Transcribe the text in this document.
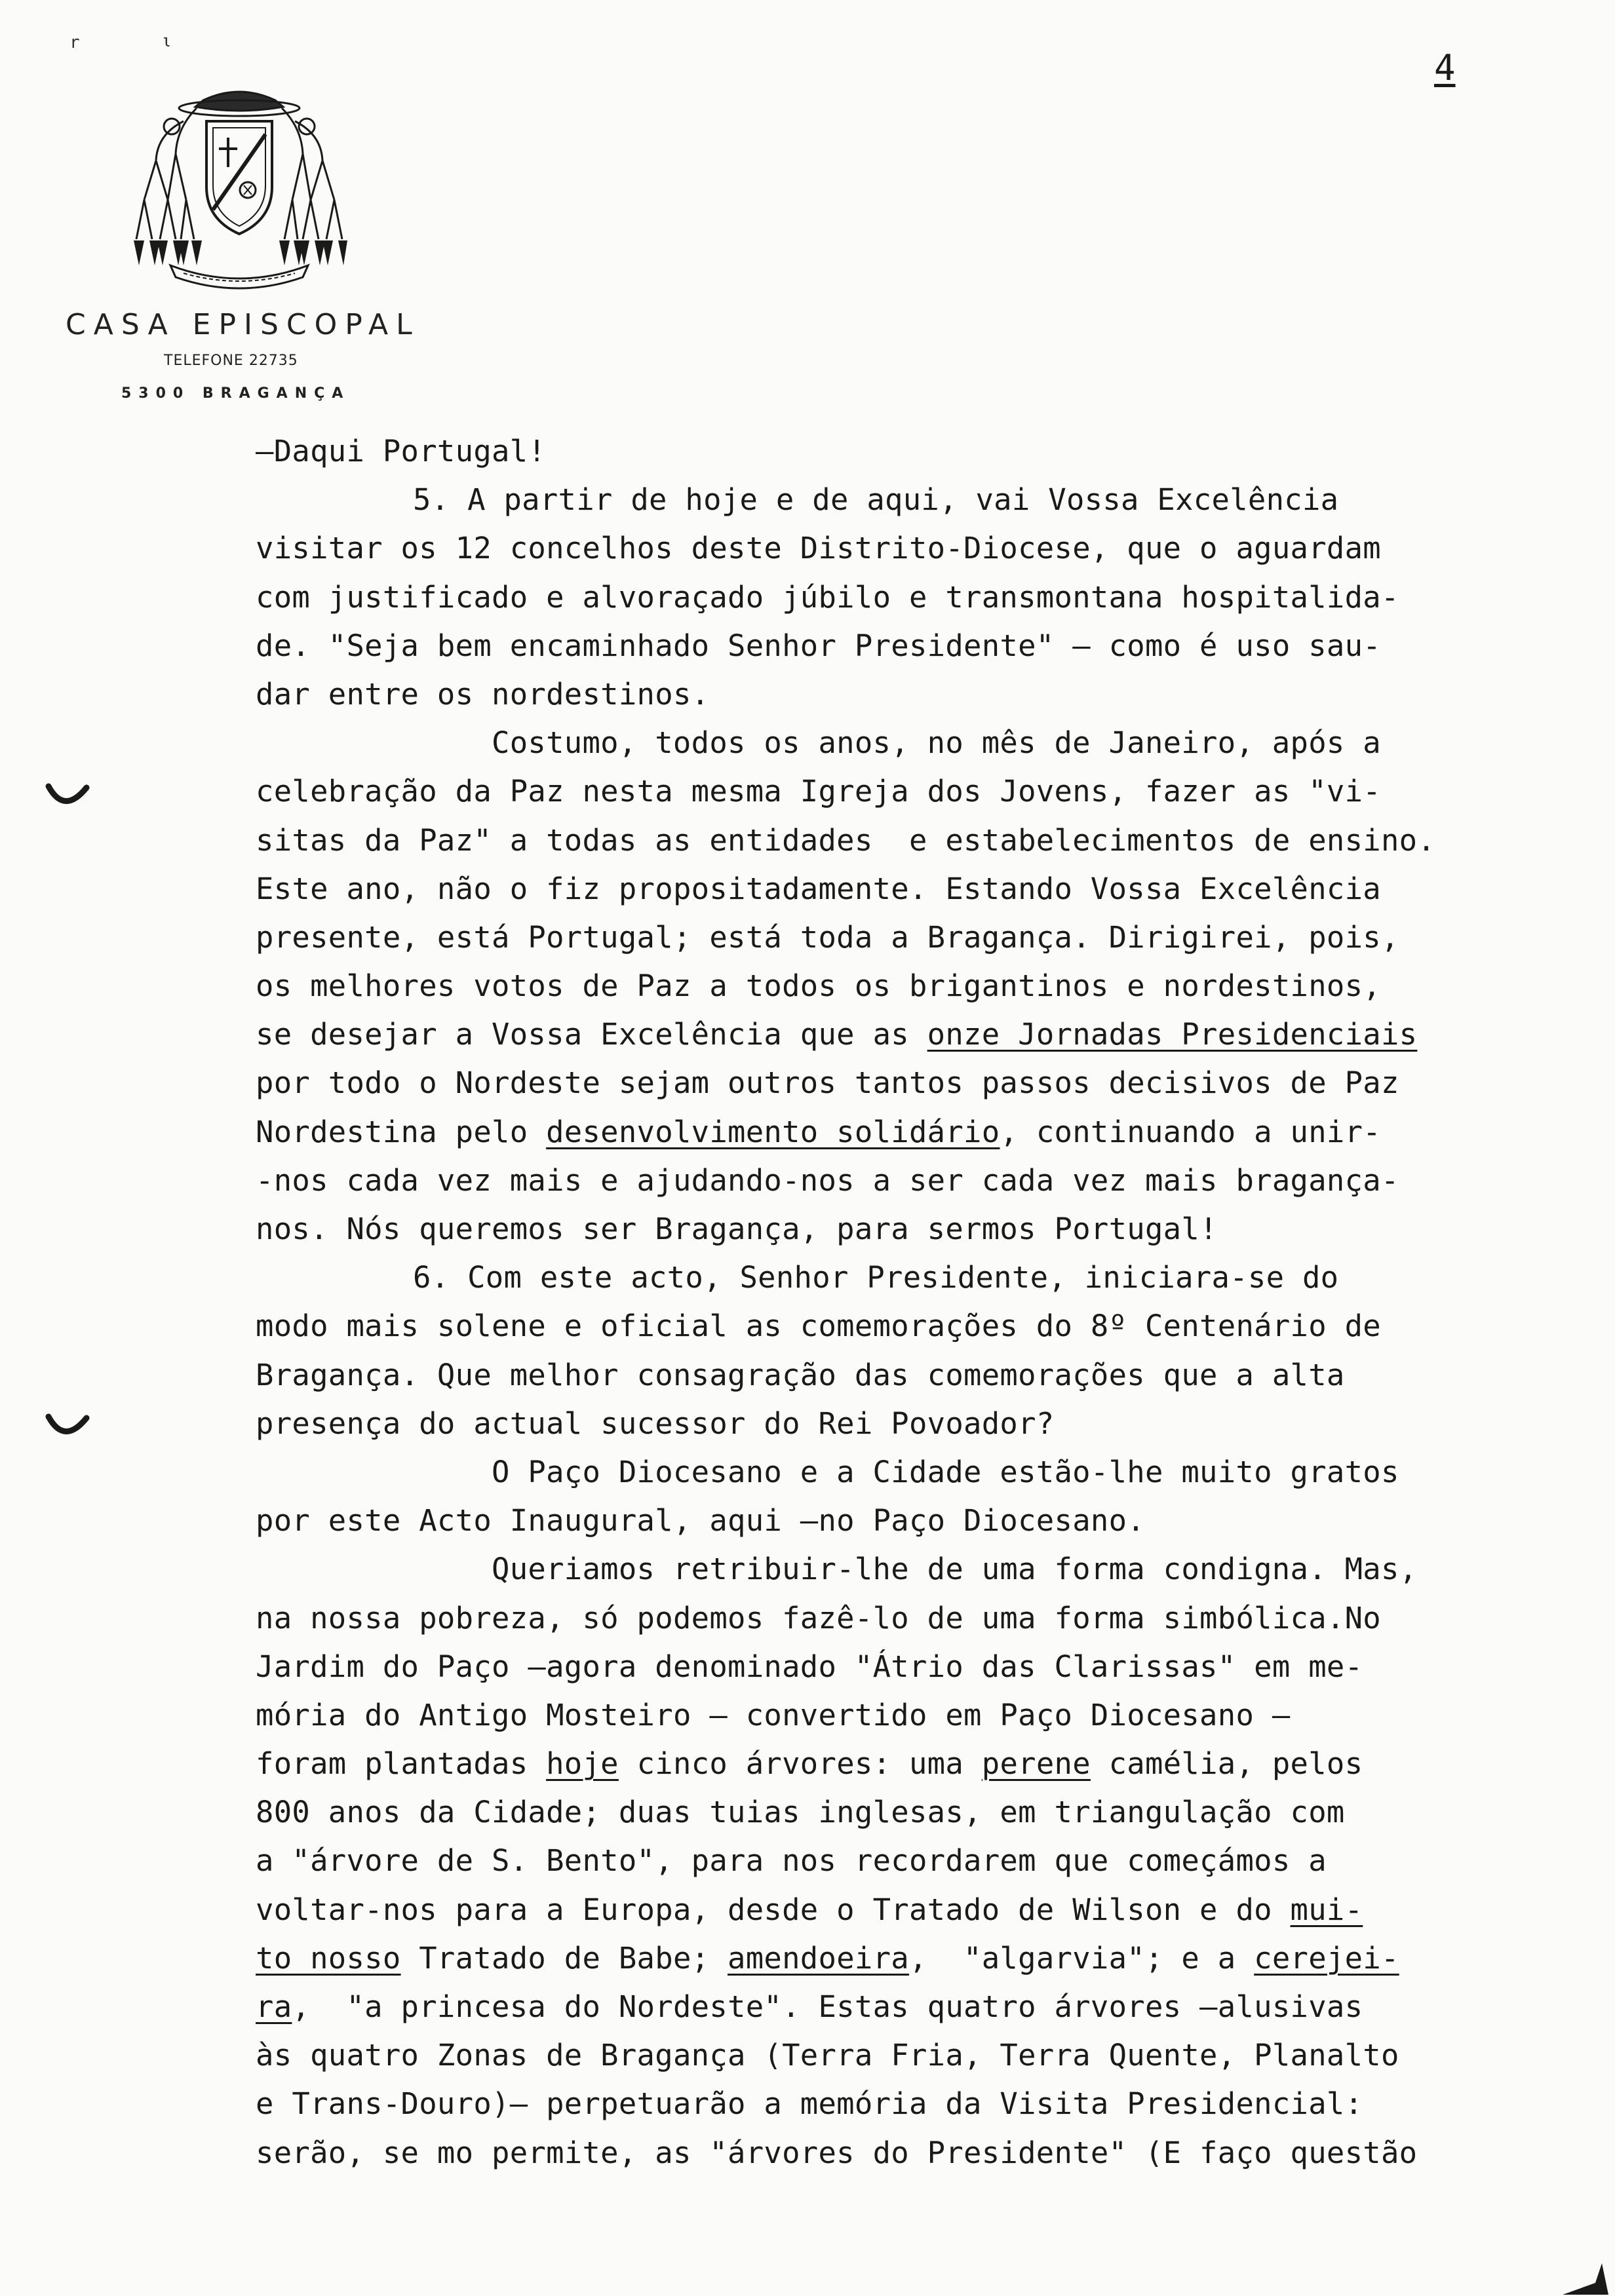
r	ι
CASA EPISCOPAL
TELEFONE 22735
5300 BRAGANÇA
4
—Daqui Portugal!
5. A partir de hoje e de aqui, vai Vossa Excelência
visitar os 12 concelhos deste Distrito-Diocese, que o aguardam
com justificado e alvoraçado júbilo e transmontana hospitalida-
de. "Seja bem encaminhado Senhor Presidente" — como é uso sau-
dar entre os nordestinos.
Costumo, todos os anos, no mês de Janeiro, após a
celebração da Paz nesta mesma Igreja dos Jovens, fazer as "vi-
sitas da Paz" a todas as entidades  e estabelecimentos de ensino.
Este ano, não o fiz propositadamente. Estando Vossa Excelência
presente, está Portugal; está toda a Bragança. Dirigirei, pois,
os melhores votos de Paz a todos os brigantinos e nordestinos,
se desejar a Vossa Excelência que as onze Jornadas Presidenciais
por todo o Nordeste sejam outros tantos passos decisivos de Paz
Nordestina pelo desenvolvimento solidário, continuando a unir-
-nos cada vez mais e ajudando-nos a ser cada vez mais bragança-
nos. Nós queremos ser Bragança, para sermos Portugal!
6. Com este acto, Senhor Presidente, iniciara-se do
modo mais solene e oficial as comemorações do 8º Centenário de
Bragança. Que melhor consagração das comemorações que a alta
presença do actual sucessor do Rei Povoador?
O Paço Diocesano e a Cidade estão-lhe muito gratos
por este Acto Inaugural, aqui —no Paço Diocesano.
Queriamos retribuir-lhe de uma forma condigna. Mas,
na nossa pobreza, só podemos fazê-lo de uma forma simbólica.No
Jardim do Paço —agora denominado "Átrio das Clarissas" em me-
mória do Antigo Mosteiro — convertido em Paço Diocesano —
foram plantadas hoje cinco árvores: uma perene camélia, pelos
800 anos da Cidade; duas tuias inglesas, em triangulação com
a "árvore de S. Bento", para nos recordarem que começámos a
voltar-nos para a Europa, desde o Tratado de Wilson e do mui-
to nosso Tratado de Babe; amendoeira,  "algarvia"; e a cerejei-
ra,  "a princesa do Nordeste". Estas quatro árvores —alusivas
às quatro Zonas de Bragança (Terra Fria, Terra Quente, Planalto
e Trans-Douro)— perpetuarão a memória da Visita Presidencial:
serão, se mo permite, as "árvores do Presidente" (E faço questão
